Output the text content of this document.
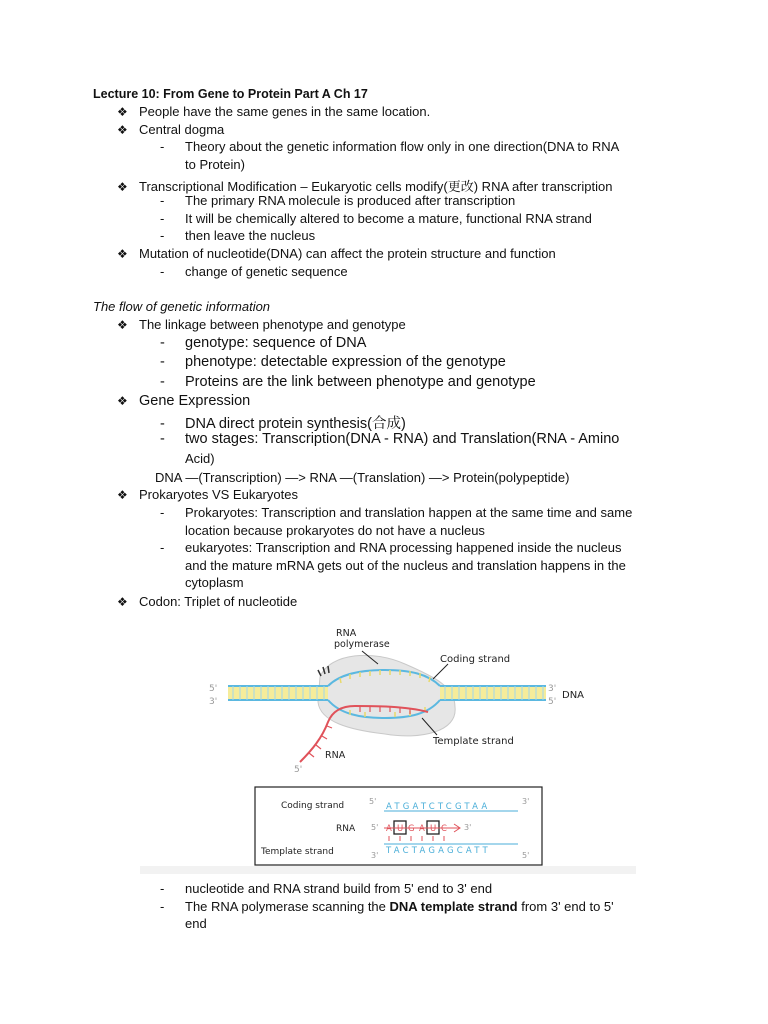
Lecture 10: From Gene to Protein Part A Ch 17
❖ People have the same genes in the same location.
❖ Central dogma
- Theory about the genetic information flow only in one direction(DNA to RNA
to Protein)
❖ Transcriptional Modification – Eukaryotic cells modify(更改) RNA after transcription
- The primary RNA molecule is produced after transcription
- It will be chemically altered to become a mature, functional RNA strand
- then leave the nucleus
❖ Mutation of nucleotide(DNA) can affect the protein structure and function
- change of genetic sequence
The flow of genetic information
❖ The linkage between phenotype and genotype
- genotype: sequence of DNA
- phenotype: detectable expression of the genotype
- Proteins are the link between phenotype and genotype
❖ Gene Expression
- DNA direct protein synthesis(合成)
- two stages: Transcription(DNA - RNA) and Translation(RNA - Amino
Acid)
DNA —(Transcription) —> RNA —(Translation) —> Protein(polypeptide)
❖ Prokaryotes VS Eukaryotes
- Prokaryotes: Transcription and translation happen at the same time and same
location because prokaryotes do not have a nucleus
- eukaryotes: Transcription and RNA processing happened inside the nucleus
and the mature mRNA gets out of the nucleus and translation happens in the
cytoplasm
❖ Codon: Triplet of nucleotide
RNA
polymerase
Coding strand
Template strand
DNA
RNA
5'
3'
3'
5'
5'
Coding strand
RNA
Template strand
5'	3'
5'	3'
3'	5'
ATGATCTCGTAA
TACTAGAGCATT
A U G A U C
- nucleotide and RNA strand build from 5' end to 3' end
- The RNA polymerase scanning the DNA template strand from 3' end to 5'
end
